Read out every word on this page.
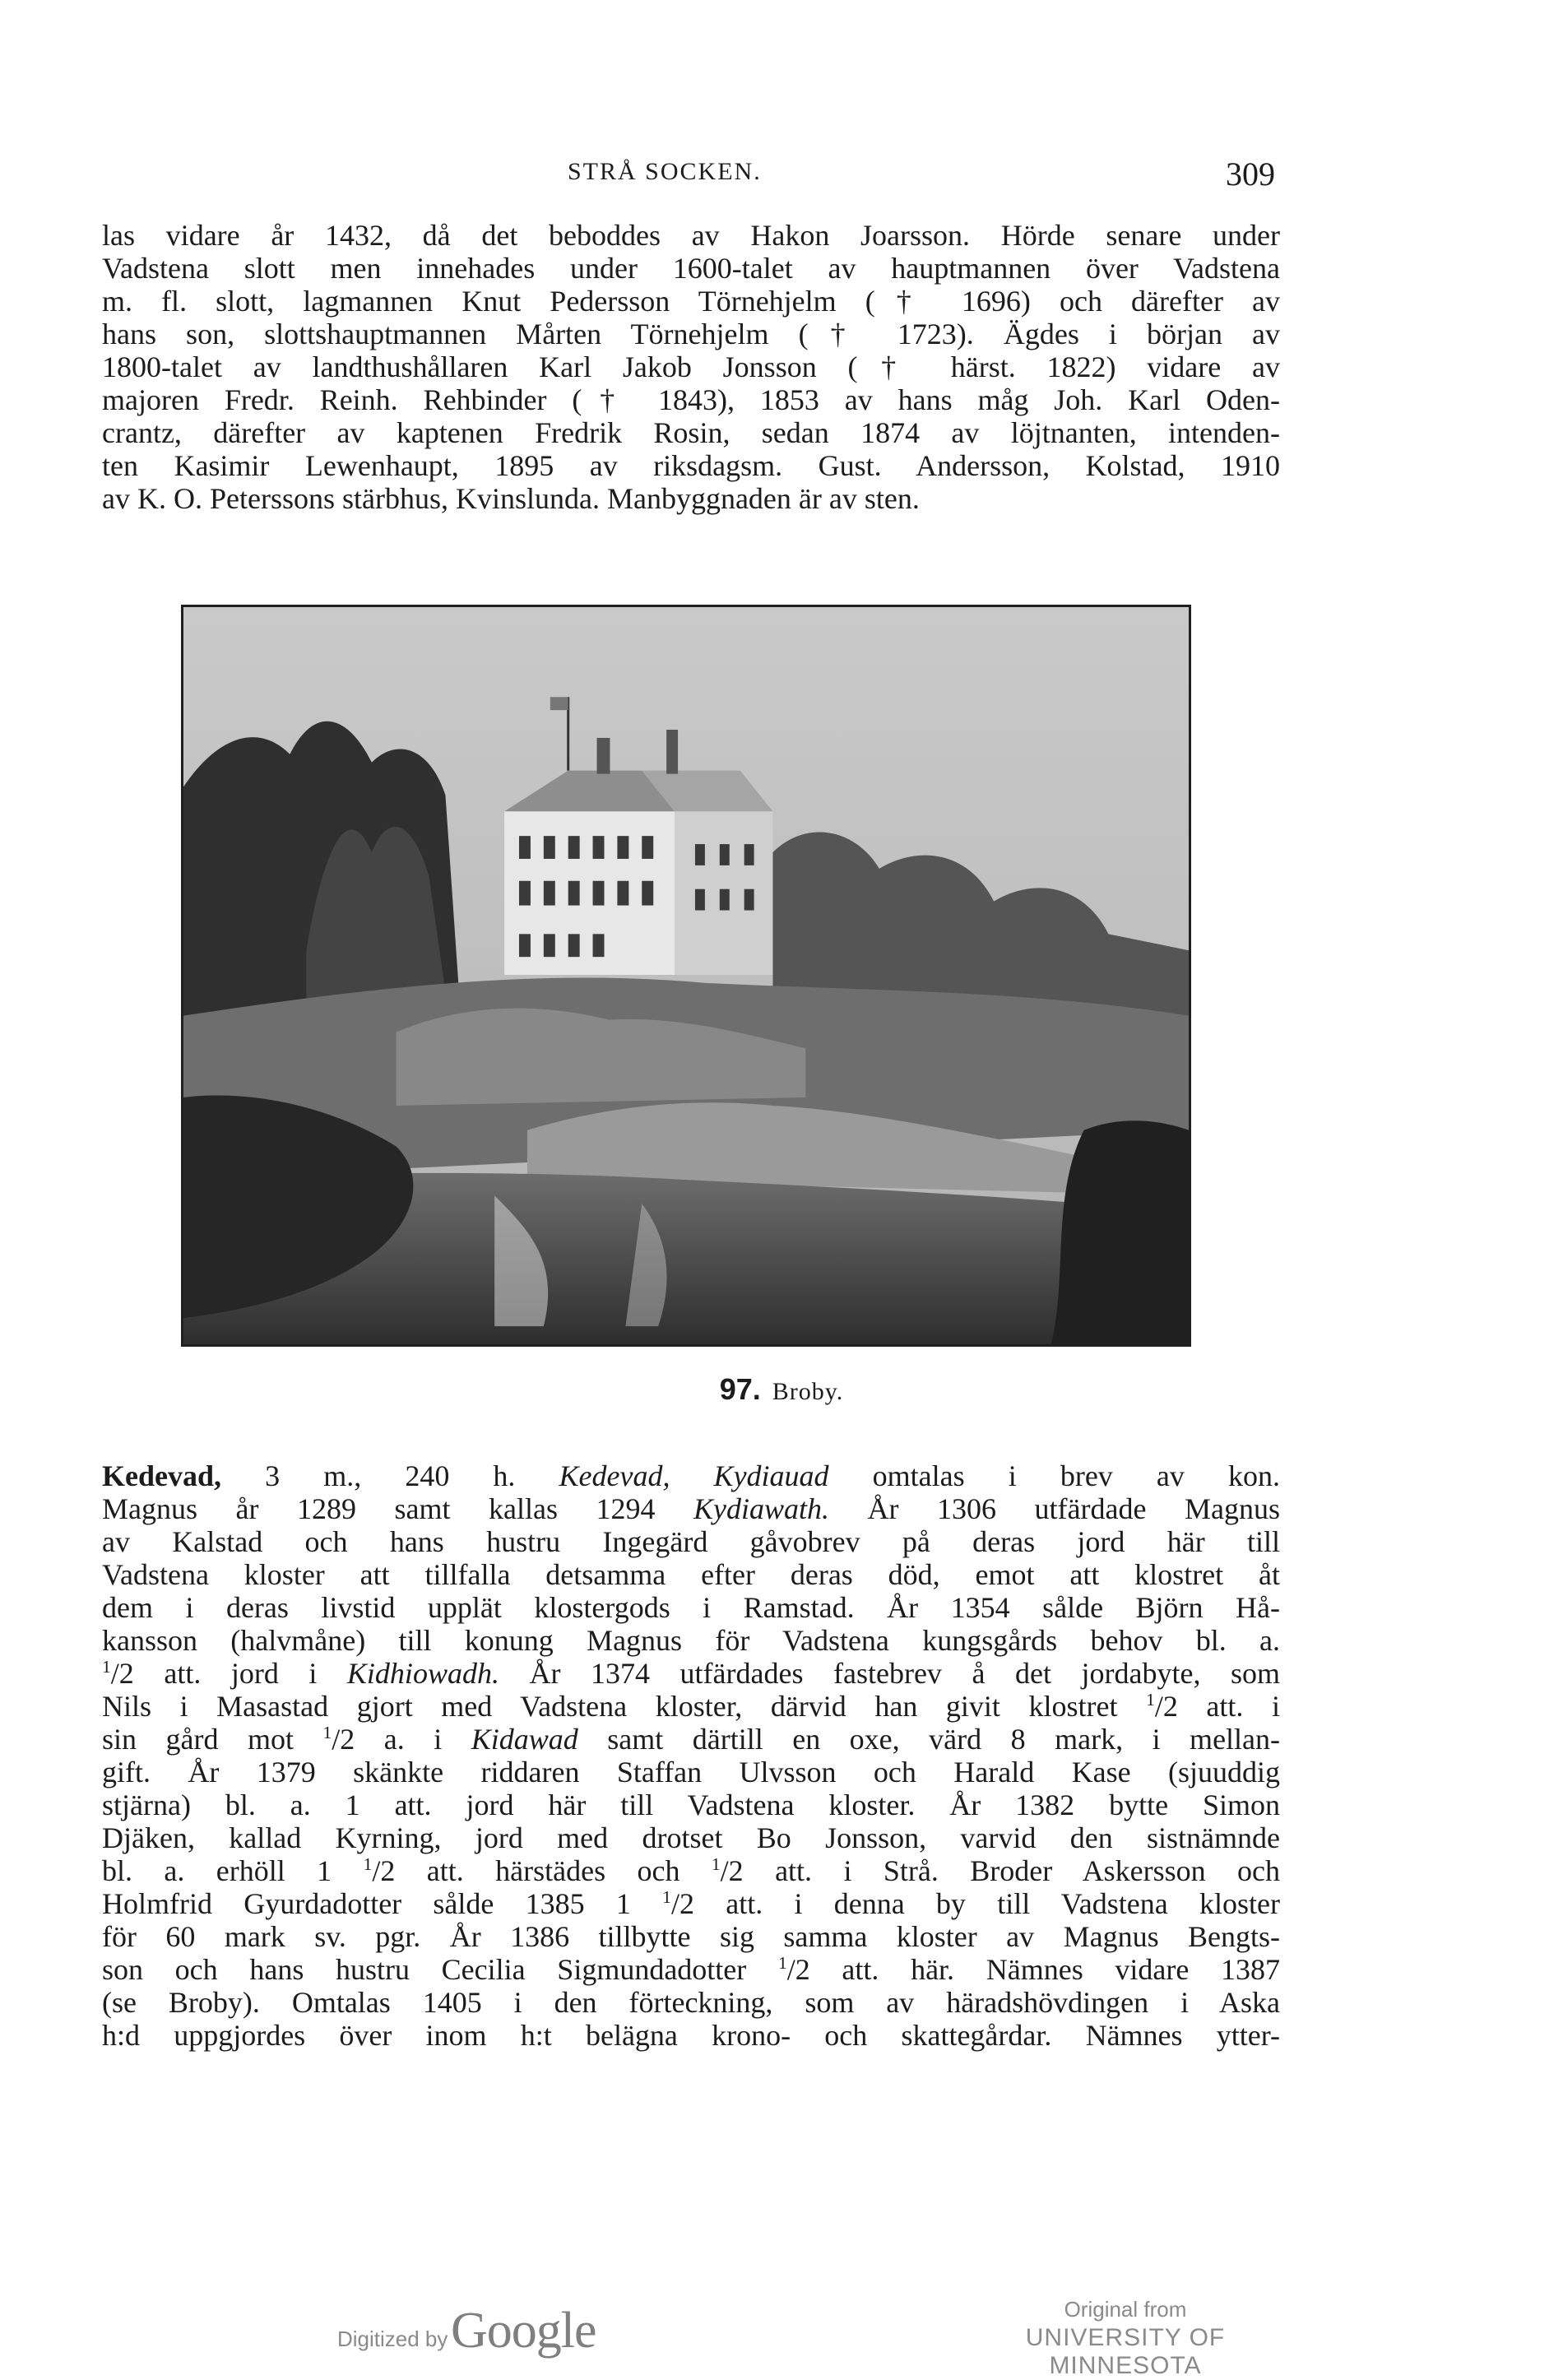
STRÅ SOCKEN.	309
las vidare år 1432, då det beboddes av Hakon Joarsson. Hörde senare under
Vadstena slott men innehades under 1600-talet av hauptmannen över Vadstena
m. fl. slott, lagmannen Knut Pedersson Törnehjelm († 1696) och därefter av
hans son, slottshauptmannen Mårten Törnehjelm († 1723). Ägdes i början av
1800-talet av landthushållaren Karl Jakob Jonsson († härst. 1822) vidare av
majoren Fredr. Reinh. Rehbinder († 1843), 1853 av hans måg Joh. Karl Oden-
crantz, därefter av kaptenen Fredrik Rosin, sedan 1874 av löjtnanten, intenden-
ten Kasimir Lewenhaupt, 1895 av riksdagsm. Gust. Andersson, Kolstad, 1910
av K. O. Peterssons stärbhus, Kvinslunda. Manbyggnaden är av sten.
97. Broby.
Kedevad, 3 m., 240 h. Kedevad, Kydiauad omtalas i brev av kon.
Magnus år 1289 samt kallas 1294 Kydiawath. År 1306 utfärdade Magnus
av Kalstad och hans hustru Ingegärd gåvobrev på deras jord här till
Vadstena kloster att tillfalla detsamma efter deras död, emot att klostret åt
dem i deras livstid upplät klostergods i Ramstad. År 1354 sålde Björn Hå-
kansson (halvmåne) till konung Magnus för Vadstena kungsgårds behov bl. a.
$^1$/2 att. jord i Kidhiowadh. År 1374 utfärdades fastebrev å det jordabyte, som
Nils i Masastad gjort med Vadstena kloster, därvid han givit klostret $^1$/2 att. i
sin gård mot $^1$/2 a. i Kidawad samt därtill en oxe, värd 8 mark, i mellan-
gift. År 1379 skänkte riddaren Staffan Ulvsson och Harald Kase (sjuuddig
stjärna) bl. a. 1 att. jord här till Vadstena kloster. År 1382 bytte Simon
Djäken, kallad Kyrning, jord med drotset Bo Jonsson, varvid den sistnämnde
bl. a. erhöll 1 $^1$/2 att. härstädes och $^1$/2 att. i Strå. Broder Askersson och
Holmfrid Gyurdadotter sålde 1385 1 $^1$/2 att. i denna by till Vadstena kloster
för 60 mark sv. pgr. År 1386 tillbytte sig samma kloster av Magnus Bengts-
son och hans hustru Cecilia Sigmundadotter $^1$/2 att. här. Nämnes vidare 1387
(se Broby). Omtalas 1405 i den förteckning, som av häradshövdingen i Aska
h:d uppgjordes över inom h:t belägna krono- och skattegårdar. Nämnes ytter-
Digitized by Google	Original from
UNIVERSITY OF MINNESOTA
